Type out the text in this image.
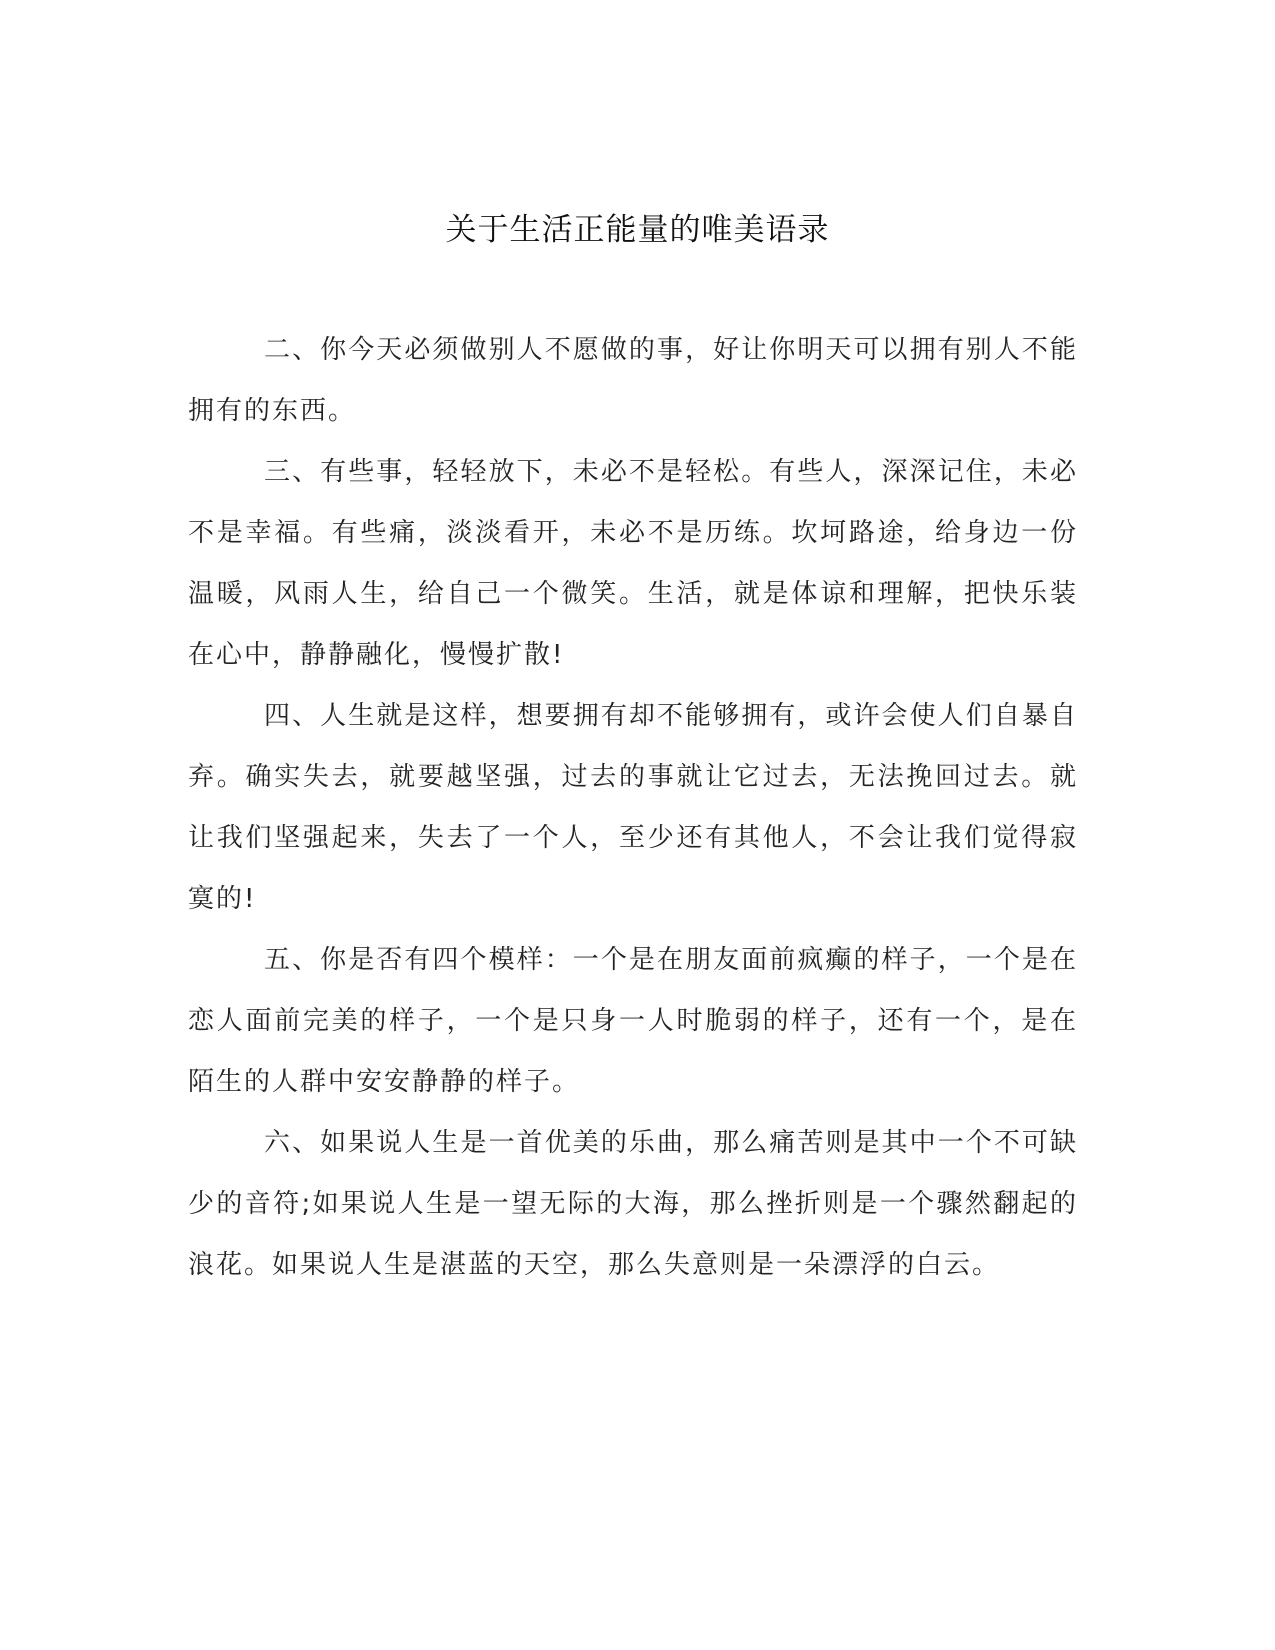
关于生活正能量的唯美语录

二、你今天必须做别人不愿做的事，好让你明天可以拥有别人不能拥有的东西。

三、有些事，轻轻放下，未必不是轻松。有些人，深深记住，未必不是幸福。有些痛，淡淡看开，未必不是历练。坎坷路途，给身边一份温暖，风雨人生，给自己一个微笑。生活，就是体谅和理解，把快乐装在心中，静静融化，慢慢扩散!

四、人生就是这样，想要拥有却不能够拥有，或许会使人们自暴自弃。确实失去，就要越坚强，过去的事就让它过去，无法挽回过去。就让我们坚强起来，失去了一个人，至少还有其他人，不会让我们觉得寂寞的!

五、你是否有四个模样：一个是在朋友面前疯癫的样子，一个是在恋人面前完美的样子，一个是只身一人时脆弱的样子，还有一个，是在陌生的人群中安安静静的样子。

六、如果说人生是一首优美的乐曲，那么痛苦则是其中一个不可缺少的音符;如果说人生是一望无际的大海，那么挫折则是一个骤然翻起的浪花。如果说人生是湛蓝的天空，那么失意则是一朵漂浮的白云。
